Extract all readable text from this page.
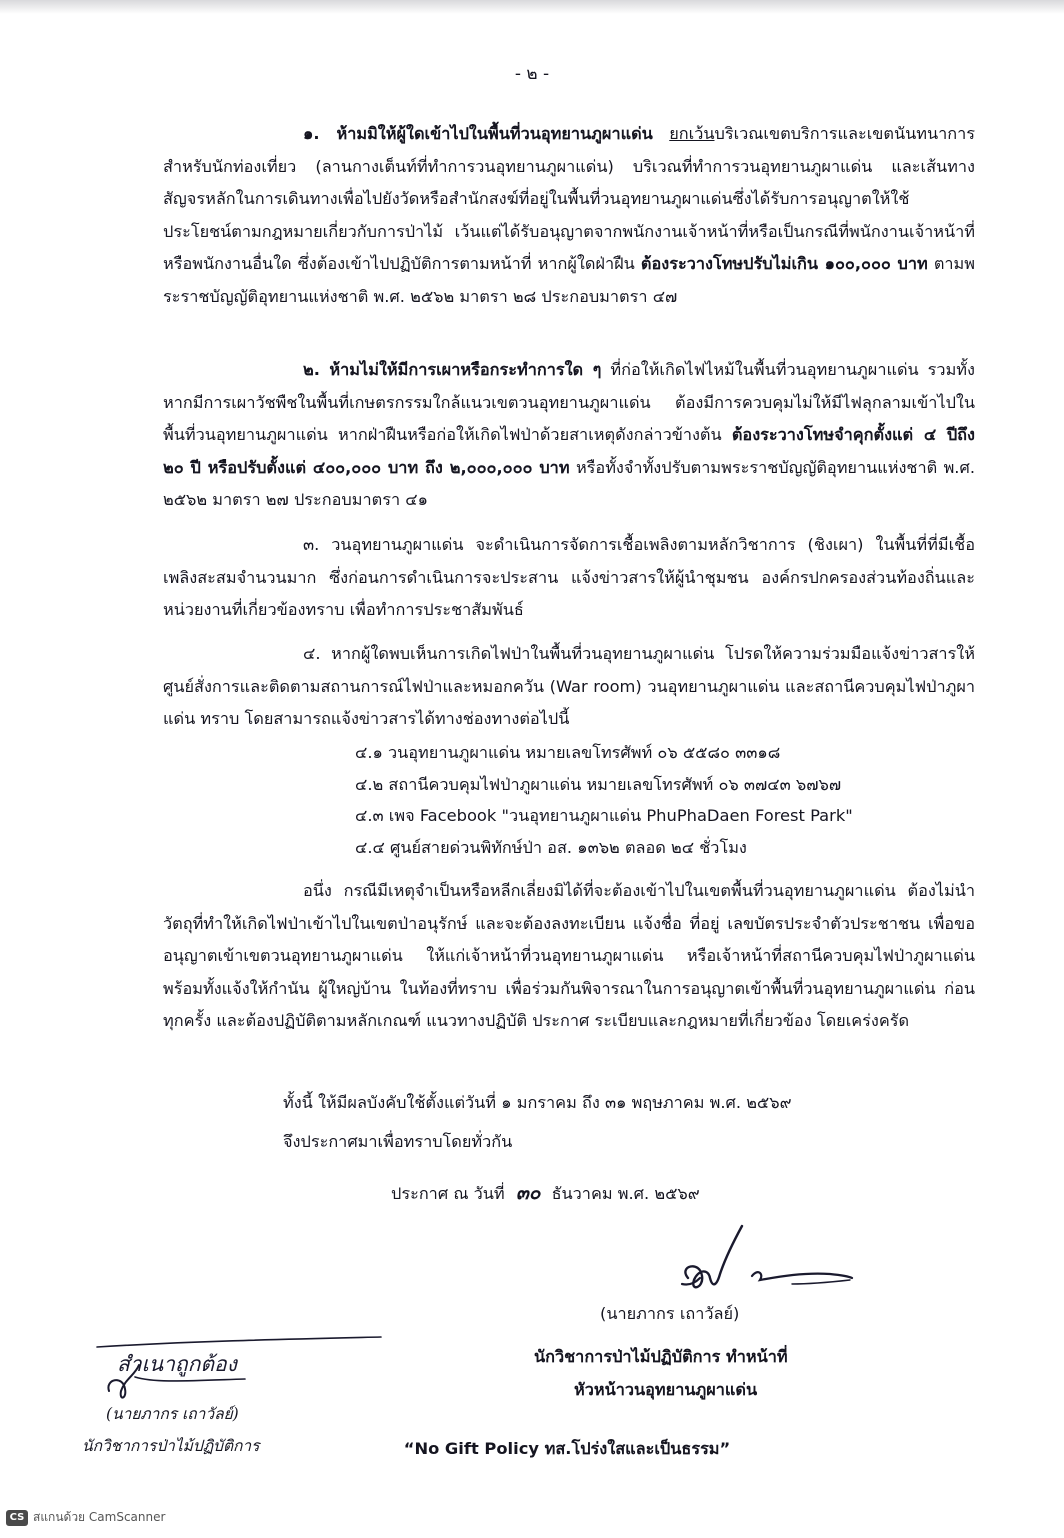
- ๒ -

๑. ห้ามมิให้ผู้ใดเข้าไปในพื้นที่วนอุทยานภูผาแด่น ยกเว้นบริเวณเขตบริการและเขตนันทนาการสำหรับนักท่องเที่ยว (ลานกางเต็นท์ที่ทำการวนอุทยานภูผาแด่น) บริเวณที่ทำการวนอุทยานภูผาแด่น และเส้นทางสัญจรหลักในการเดินทางเพื่อไปยังวัดหรือสำนักสงฆ์ที่อยู่ในพื้นที่วนอุทยานภูผาแด่นซึ่งได้รับการอนุญาตให้ใช้ประโยชน์ตามกฎหมายเกี่ยวกับการป่าไม้ เว้นแต่ได้รับอนุญาตจากพนักงานเจ้าหน้าที่หรือเป็นกรณีที่พนักงานเจ้าหน้าที่หรือพนักงานอื่นใด ซึ่งต้องเข้าไปปฏิบัติการตามหน้าที่ หากผู้ใดฝ่าฝืน ต้องระวางโทษปรับไม่เกิน ๑๐๐,๐๐๐ บาท ตามพระราชบัญญัติอุทยานแห่งชาติ พ.ศ. ๒๕๖๒ มาตรา ๒๘ ประกอบมาตรา ๔๗

๒. ห้ามไม่ให้มีการเผาหรือกระทำการใด ๆ ที่ก่อให้เกิดไฟไหม้ในพื้นที่วนอุทยานภูผาแด่น รวมทั้งหากมีการเผาวัชพืชในพื้นที่เกษตรกรรมใกล้แนวเขตวนอุทยานภูผาแด่น ต้องมีการควบคุมไม่ให้มีไฟลุกลามเข้าไปในพื้นที่วนอุทยานภูผาแด่น หากฝ่าฝืนหรือก่อให้เกิดไฟป่าด้วยสาเหตุดังกล่าวข้างต้น ต้องระวางโทษจำคุกตั้งแต่ ๔ ปีถึง ๒๐ ปี หรือปรับตั้งแต่ ๔๐๐,๐๐๐ บาท ถึง ๒,๐๐๐,๐๐๐ บาท หรือทั้งจำทั้งปรับตามพระราชบัญญัติอุทยานแห่งชาติ พ.ศ. ๒๕๖๒ มาตรา ๒๗ ประกอบมาตรา ๔๑

๓. วนอุทยานภูผาแด่น จะดำเนินการจัดการเชื้อเพลิงตามหลักวิชาการ (ชิงเผา) ในพื้นที่ที่มีเชื้อเพลิงสะสมจำนวนมาก ซึ่งก่อนการดำเนินการจะประสาน แจ้งข่าวสารให้ผู้นำชุมชน องค์กรปกครองส่วนท้องถิ่นและหน่วยงานที่เกี่ยวข้องทราบ เพื่อทำการประชาสัมพันธ์

๔. หากผู้ใดพบเห็นการเกิดไฟป่าในพื้นที่วนอุทยานภูผาแด่น โปรดให้ความร่วมมือแจ้งข่าวสารให้ศูนย์สั่งการและติดตามสถานการณ์ไฟป่าและหมอกควัน (War room) วนอุทยานภูผาแด่น และสถานีควบคุมไฟป่าภูผาแด่น ทราบ โดยสามารถแจ้งข่าวสารได้ทางช่องทางต่อไปนี้

๔.๑ วนอุทยานภูผาแด่น หมายเลขโทรศัพท์ ๐๖ ๕๕๘๐ ๓๓๑๘
๔.๒ สถานีควบคุมไฟป่าภูผาแด่น หมายเลขโทรศัพท์ ๐๖ ๓๗๔๓ ๖๗๖๗
๔.๓ เพจ Facebook "วนอุทยานภูผาแด่น PhuPhaDaen Forest Park"
๔.๔ ศูนย์สายด่วนพิทักษ์ป่า อส. ๑๓๖๒ ตลอด ๒๔ ชั่วโมง

อนึ่ง กรณีมีเหตุจำเป็นหรือหลีกเลี่ยงมิได้ที่จะต้องเข้าไปในเขตพื้นที่วนอุทยานภูผาแด่น ต้องไม่นำวัตถุที่ทำให้เกิดไฟป่าเข้าไปในเขตป่าอนุรักษ์ และจะต้องลงทะเบียน แจ้งชื่อ ที่อยู่ เลขบัตรประจำตัวประชาชน เพื่อขออนุญาตเข้าเขตวนอุทยานภูผาแด่น ให้แก่เจ้าหน้าที่วนอุทยานภูผาแด่น หรือเจ้าหน้าที่สถานีควบคุมไฟป่าภูผาแด่น พร้อมทั้งแจ้งให้กำนัน ผู้ใหญ่บ้าน ในท้องที่ทราบ เพื่อร่วมกันพิจารณาในการอนุญาตเข้าพื้นที่วนอุทยานภูผาแด่น ก่อนทุกครั้ง และต้องปฏิบัติตามหลักเกณฑ์ แนวทางปฏิบัติ ประกาศ ระเบียบและกฎหมายที่เกี่ยวข้อง โดยเคร่งครัด

ทั้งนี้ ให้มีผลบังคับใช้ตั้งแต่วันที่ ๑ มกราคม ถึง ๓๑ พฤษภาคม พ.ศ. ๒๕๖๙
จึงประกาศมาเพื่อทราบโดยทั่วกัน
ประกาศ ณ วันที่ ๓๐ ธันวาคม พ.ศ. ๒๕๖๙
(นายภากร เถาวัลย์)
นักวิชาการป่าไม้ปฏิบัติการ ทำหน้าที่
หัวหน้าวนอุทยานภูผาแด่น
สำเนาถูกต้อง
(นายภากร เถาวัลย์)
นักวิชาการป่าไม้ปฏิบัติการ	“No Gift Policy ทส.โปร่งใสและเป็นธรรม”
CS สแกนด้วย CamScanner
